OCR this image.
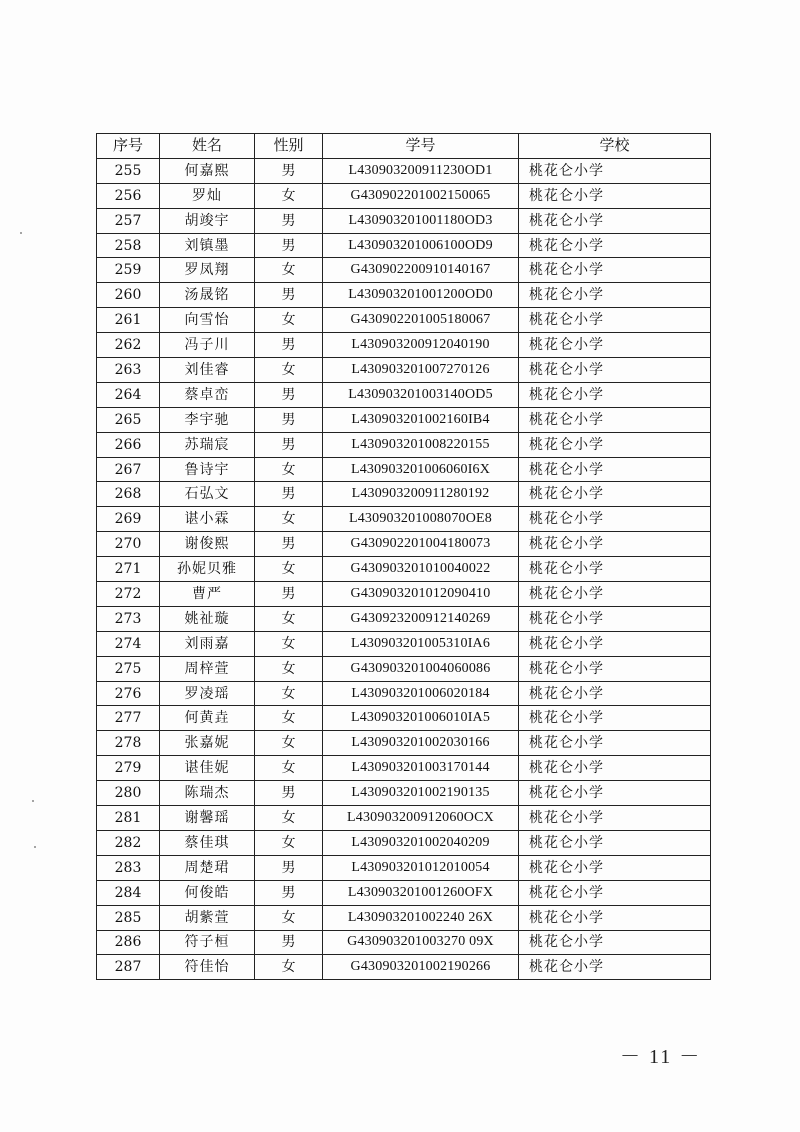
序号	姓名	性别	学号	学校
255	何嘉熙	男	L430903200911230OD1	桃花仑小学
256	罗灿	女	G430902201002150065	桃花仑小学
257	胡竣宇	男	L430903201001180OD3	桃花仑小学
258	刘镇墨	男	L430903201006100OD9	桃花仑小学
259	罗凤翔	女	G430902200910140167	桃花仑小学
260	汤晟铭	男	L430903201001200OD0	桃花仑小学
261	向雪怡	女	G430902201005180067	桃花仑小学
262	冯子川	男	L430903200912040190	桃花仑小学
263	刘佳睿	女	L430903201007270126	桃花仑小学
264	蔡卓峦	男	L430903201003140OD5	桃花仑小学
265	李宇驰	男	L430903201002160IB4	桃花仑小学
266	苏瑞宸	男	L430903201008220155	桃花仑小学
267	鲁诗宇	女	L430903201006060I6X	桃花仑小学
268	石弘文	男	L430903200911280192	桃花仑小学
269	谌小霖	女	L430903201008070OE8	桃花仑小学
270	谢俊熙	男	G430902201004180073	桃花仑小学
271	孙妮贝雅	女	G430903201010040022	桃花仑小学
272	曹严	男	G430903201012090410	桃花仑小学
273	姚祉璇	女	G430923200912140269	桃花仑小学
274	刘雨嘉	女	L430903201005310IA6	桃花仑小学
275	周梓萱	女	G430903201004060086	桃花仑小学
276	罗凌瑶	女	L430903201006020184	桃花仑小学
277	何黄垚	女	L430903201006010IA5	桃花仑小学
278	张嘉妮	女	L430903201002030166	桃花仑小学
279	谌佳妮	女	L430903201003170144	桃花仑小学
280	陈瑞杰	男	L430903201002190135	桃花仑小学
281	谢馨瑶	女	L430903200912060OCX	桃花仑小学
282	蔡佳琪	女	L430903201002040209	桃花仑小学
283	周楚珺	男	L430903201012010054	桃花仑小学
284	何俊皓	男	L430903201001260OFX	桃花仑小学
285	胡紫萱	女	L430903201002240 26X	桃花仑小学
286	符子桓	男	G430903201003270 09X	桃花仑小学
287	符佳怡	女	G430903201002190266	桃花仑小学
－ 11 －
